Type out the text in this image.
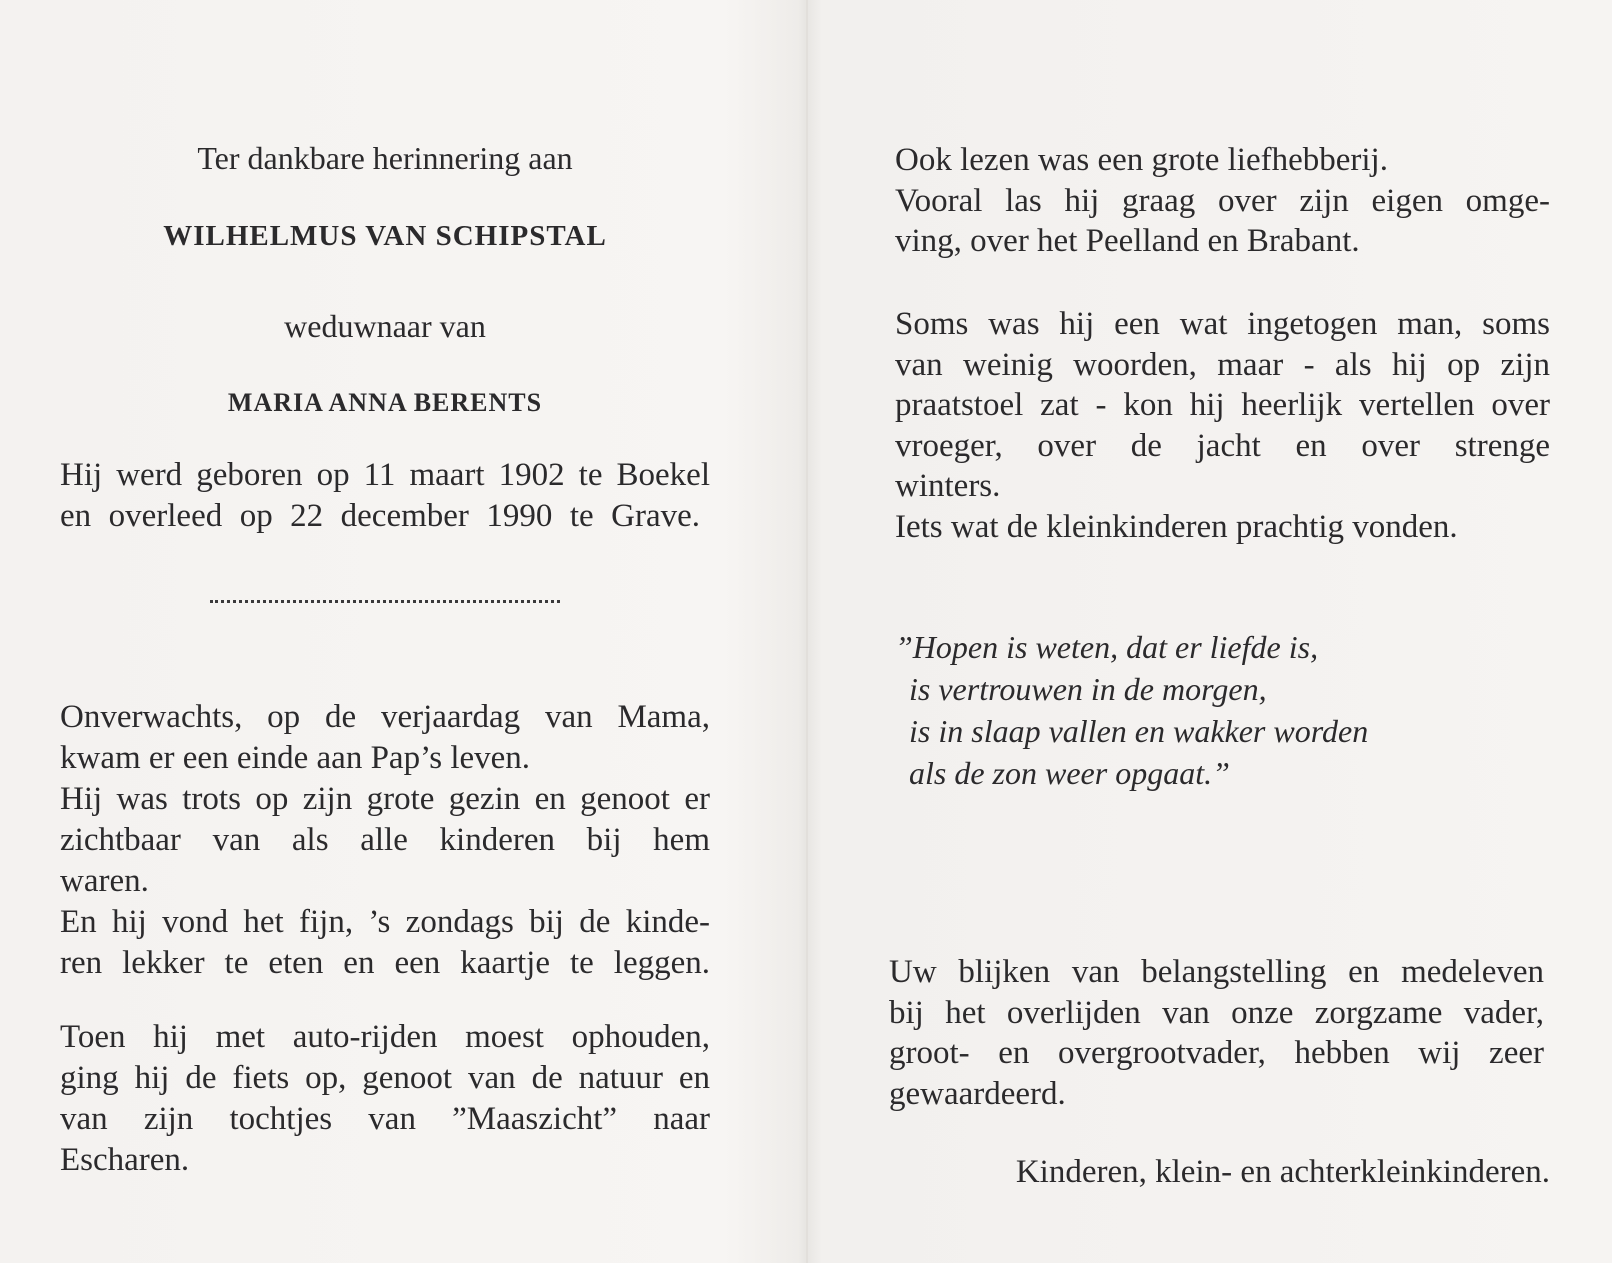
Ter dankbare herinnering aan
WILHELMUS VAN SCHIPSTAL
weduwnaar van
MARIA ANNA BERENTS
Hij werd geboren op 11 maart 1902 te Boekel
en overleed op 22 december 1990 te Grave.
Onverwachts, op de verjaardag van Mama,
kwam er een einde aan Pap’s leven.
Hij was trots op zijn grote gezin en genoot er
zichtbaar van als alle kinderen bij hem
waren.
En hij vond het fijn, ’s zondags bij de kinde-
ren lekker te eten en een kaartje te leggen.
Toen hij met auto-rijden moest ophouden,
ging hij de fiets op, genoot van de natuur en
van zijn tochtjes van ”Maaszicht” naar
Escharen.
Ook lezen was een grote liefhebberij.
Vooral las hij graag over zijn eigen omge-
ving, over het Peelland en Brabant.
Soms was hij een wat ingetogen man, soms
van weinig woorden, maar - als hij op zijn
praatstoel zat - kon hij heerlijk vertellen over
vroeger, over de jacht en over strenge
winters.
Iets wat de kleinkinderen prachtig vonden.
”Hopen is weten, dat er liefde is,
is vertrouwen in de morgen,
is in slaap vallen en wakker worden
als de zon weer opgaat.”
Uw blijken van belangstelling en medeleven
bij het overlijden van onze zorgzame vader,
groot- en overgrootvader, hebben wij zeer
gewaardeerd.
Kinderen, klein- en achterkleinkinderen.
